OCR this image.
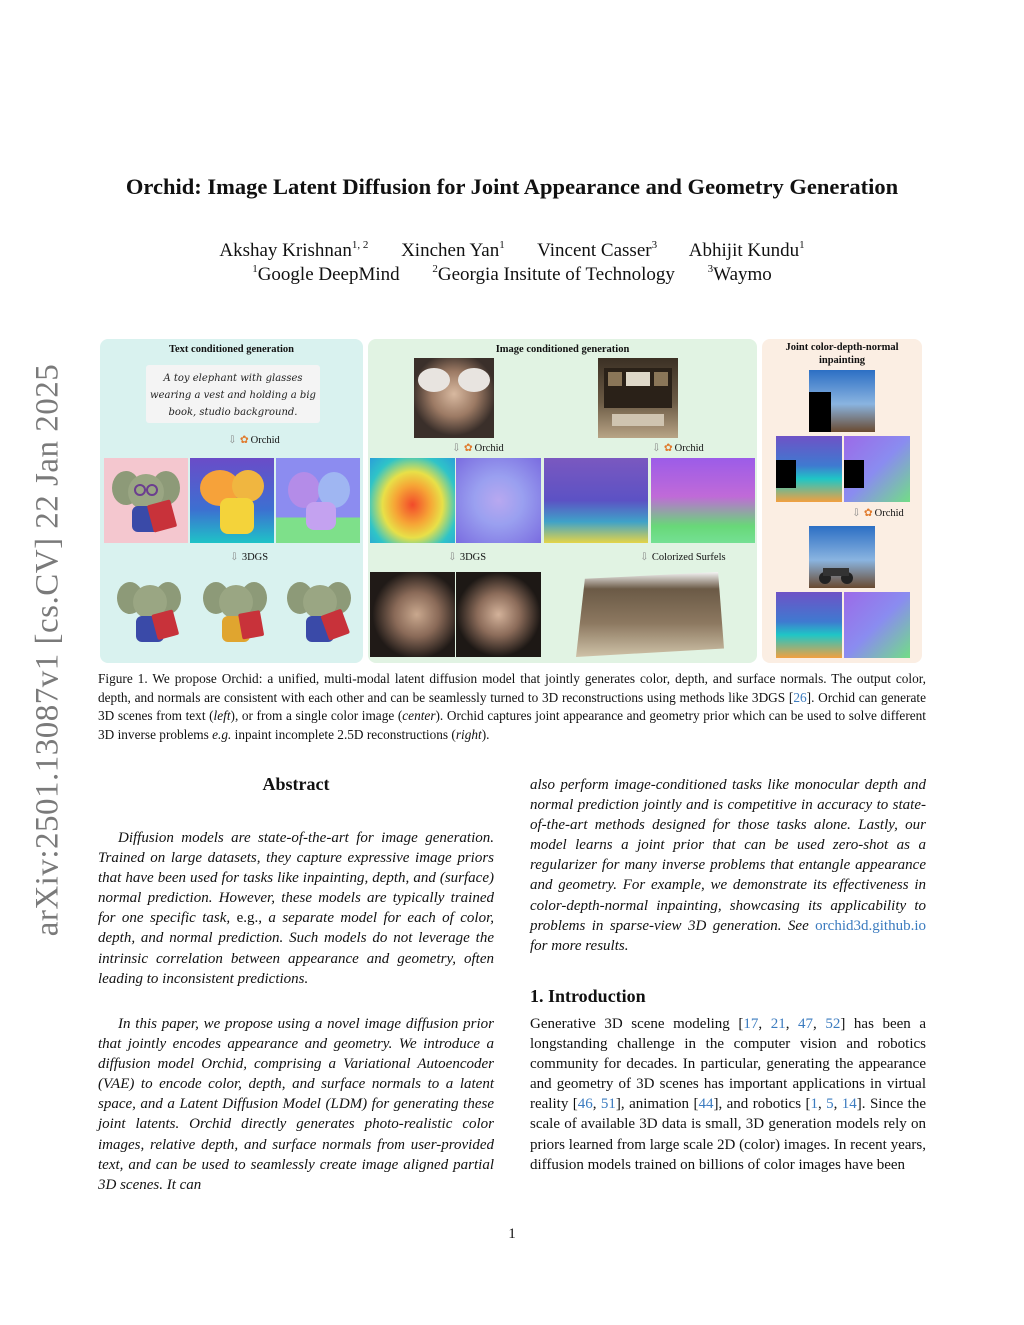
arXiv:2501.13087v1 [cs.CV] 22 Jan 2025
Orchid: Image Latent Diffusion for Joint Appearance and Geometry Generation
Akshay Krishnan$^{1, 2}$ Xinchen Yan$^1$ Vincent Casser$^3$ Abhijit Kundu$^1$
$^1$Google DeepMind	$^2$Georgia Insitute of Technology	$^3$Waymo
Text conditioned generation
A toy elephant with glasses wearing a vest and holding a big book, studio background.
⇩ ✿ Orchid
⇩ 3DGS
Image conditioned generation
⇩ ✿ Orchid	⇩ ✿ Orchid
⇩ 3DGS	⇩ Colorized Surfels
Joint color-depth-normal inpainting
⇩ ✿ Orchid
Figure 1. We propose Orchid: a unified, multi-modal latent diffusion model that jointly generates color, depth, and surface normals. The output color, depth, and normals are consistent with each other and can be seamlessly turned to 3D reconstructions using methods like 3DGS [26]. Orchid can generate 3D scenes from text (left), or from a single color image (center). Orchid captures joint appearance and geometry prior which can be used to solve different 3D inverse problems e.g. inpaint incomplete 2.5D reconstructions (right).
Abstract
Diffusion models are state-of-the-art for image generation. Trained on large datasets, they capture expressive image priors that have been used for tasks like inpainting, depth, and (surface) normal prediction. However, these models are typically trained for one specific task, e.g., a separate model for each of color, depth, and normal prediction. Such models do not leverage the intrinsic correlation between appearance and geometry, often leading to inconsistent predictions.
In this paper, we propose using a novel image diffusion prior that jointly encodes appearance and geometry. We introduce a diffusion model Orchid, comprising a Variational Autoencoder (VAE) to encode color, depth, and surface normals to a latent space, and a Latent Diffusion Model (LDM) for generating these joint latents. Orchid directly generates photo-realistic color images, relative depth, and surface normals from user-provided text, and can be used to seamlessly create image aligned partial 3D scenes. It can
also perform image-conditioned tasks like monocular depth and normal prediction jointly and is competitive in accuracy to state-of-the-art methods designed for those tasks alone. Lastly, our model learns a joint prior that can be used zero-shot as a regularizer for many inverse problems that entangle appearance and geometry. For example, we demonstrate its effectiveness in color-depth-normal inpainting, showcasing its applicability to problems in sparse-view 3D generation. See orchid3d.github.io for more results.
1. Introduction
Generative 3D scene modeling [17, 21, 47, 52] has been a longstanding challenge in the computer vision and robotics community for decades. In particular, generating the appearance and geometry of 3D scenes has important applications in virtual reality [46, 51], animation [44], and robotics [1, 5, 14]. Since the scale of available 3D data is small, 3D generation models rely on priors learned from large scale 2D (color) images. In recent years, diffusion models trained on billions of color images have been
1
